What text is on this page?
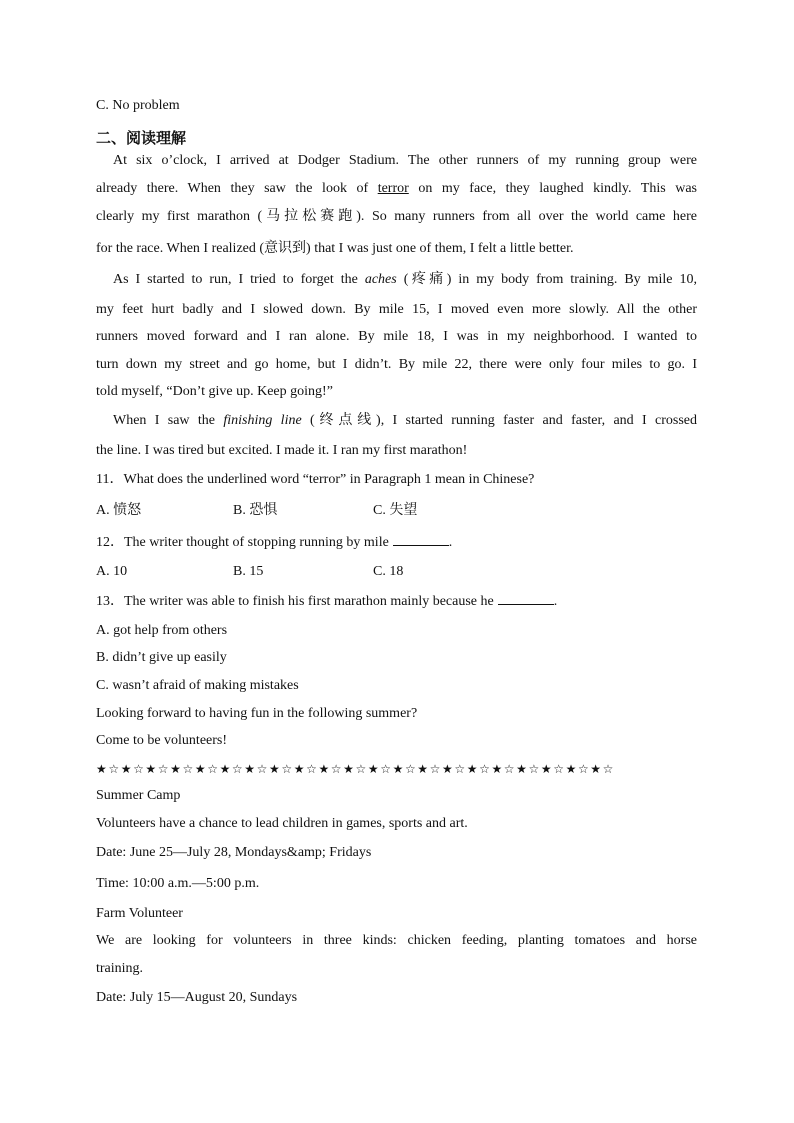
C. No problem
二、阅读理解
At six o’clock, I arrived at Dodger Stadium. The other runners of my running group were
already there. When they saw the look of terror on my face, they laughed kindly. This was
clearly my first marathon (马拉松赛跑). So many runners from all over the world came here
for the race. When I realized (意识到) that I was just one of them, I felt a little better.
As I started to run, I tried to forget the aches (疼痛) in my body from training. By mile 10,
my feet hurt badly and I slowed down. By mile 15, I moved even more slowly. All the other
runners moved forward and I ran alone. By mile 18, I was in my neighborhood. I wanted to
turn down my street and go home, but I didn’t. By mile 22, there were only four miles to go. I
told myself, “Don’t give up. Keep going!”
When I saw the finishing line (终点线), I started running faster and faster, and I crossed
the line. I was tired but excited. I made it. I ran my first marathon!
11．What does the underlined word “terror” in Paragraph 1 mean in Chinese?
A. 愤怒	B. 恐惧	C. 失望
12．The writer thought of stopping running by mile	.
A. 10	B. 15	C. 18
13．The writer was able to finish his first marathon mainly because he	.
A. got help from others
B. didn’t give up easily
C. wasn’t afraid of making mistakes
Looking forward to having fun in the following summer?
Come to be volunteers!
★☆★☆★☆★☆★☆★☆★☆★☆★☆★☆★☆★☆★☆★☆★☆★☆★☆★☆★☆★☆★☆
Summer Camp
Volunteers have a chance to lead children in games, sports and art.
Date: June 25—July 28, Mondays&amp; Fridays
Time: 10:00 a.m.—5:00 p.m.
Farm Volunteer
We are looking for volunteers in three kinds: chicken feeding, planting tomatoes and horse
training.
Date: July 15—August 20, Sundays
